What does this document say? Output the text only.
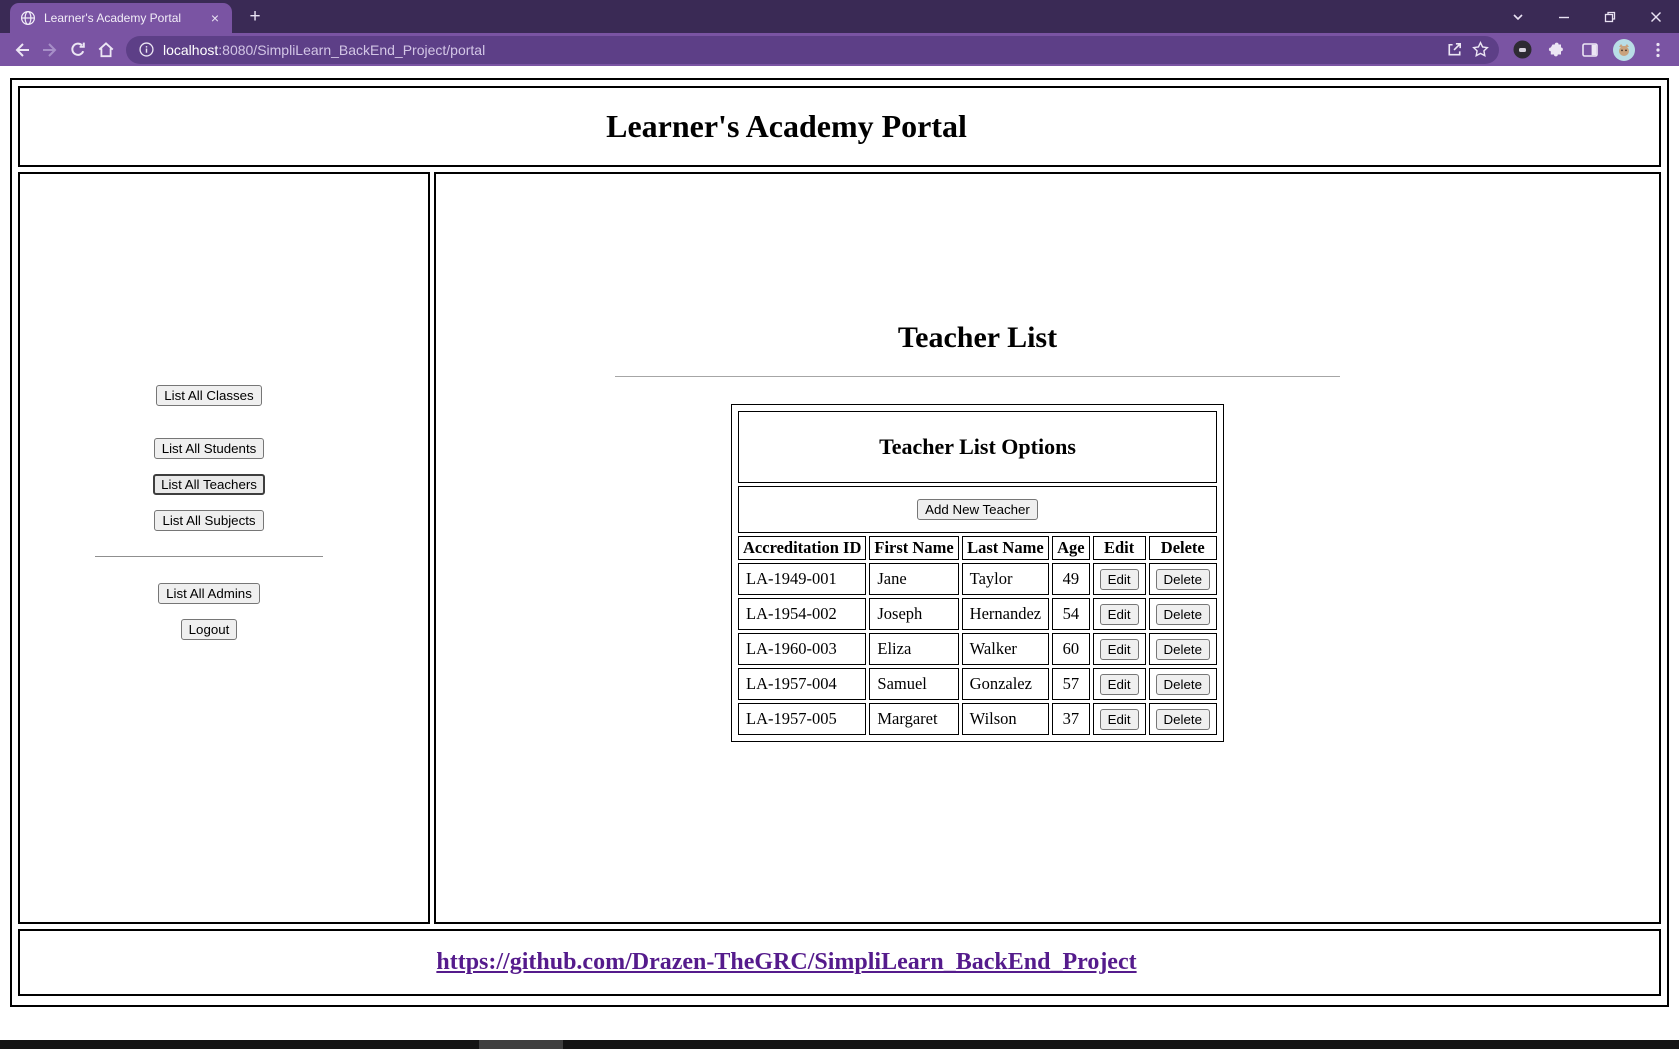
Learner's Academy Portal	× +
localhost:8080/SimpliLearn_BackEnd_Project/portal
Learner's Academy Portal
List All Classes
List All Students
List All Teachers
List All Subjects
List All Admins
Logout
Teacher List
Teacher List Options					
Add New Teacher					
Accreditation ID	First Name	Last Name	Age	Edit	Delete
LA-1949-001	Jane	Taylor	49	Edit	Delete
LA-1954-002	Joseph	Hernandez	54	Edit	Delete
LA-1960-003	Eliza	Walker	60	Edit	Delete
LA-1957-004	Samuel	Gonzalez	57	Edit	Delete
LA-1957-005	Margaret	Wilson	37	Edit	Delete
https://github.com/Drazen-TheGRC/SimpliLearn_BackEnd_Project
